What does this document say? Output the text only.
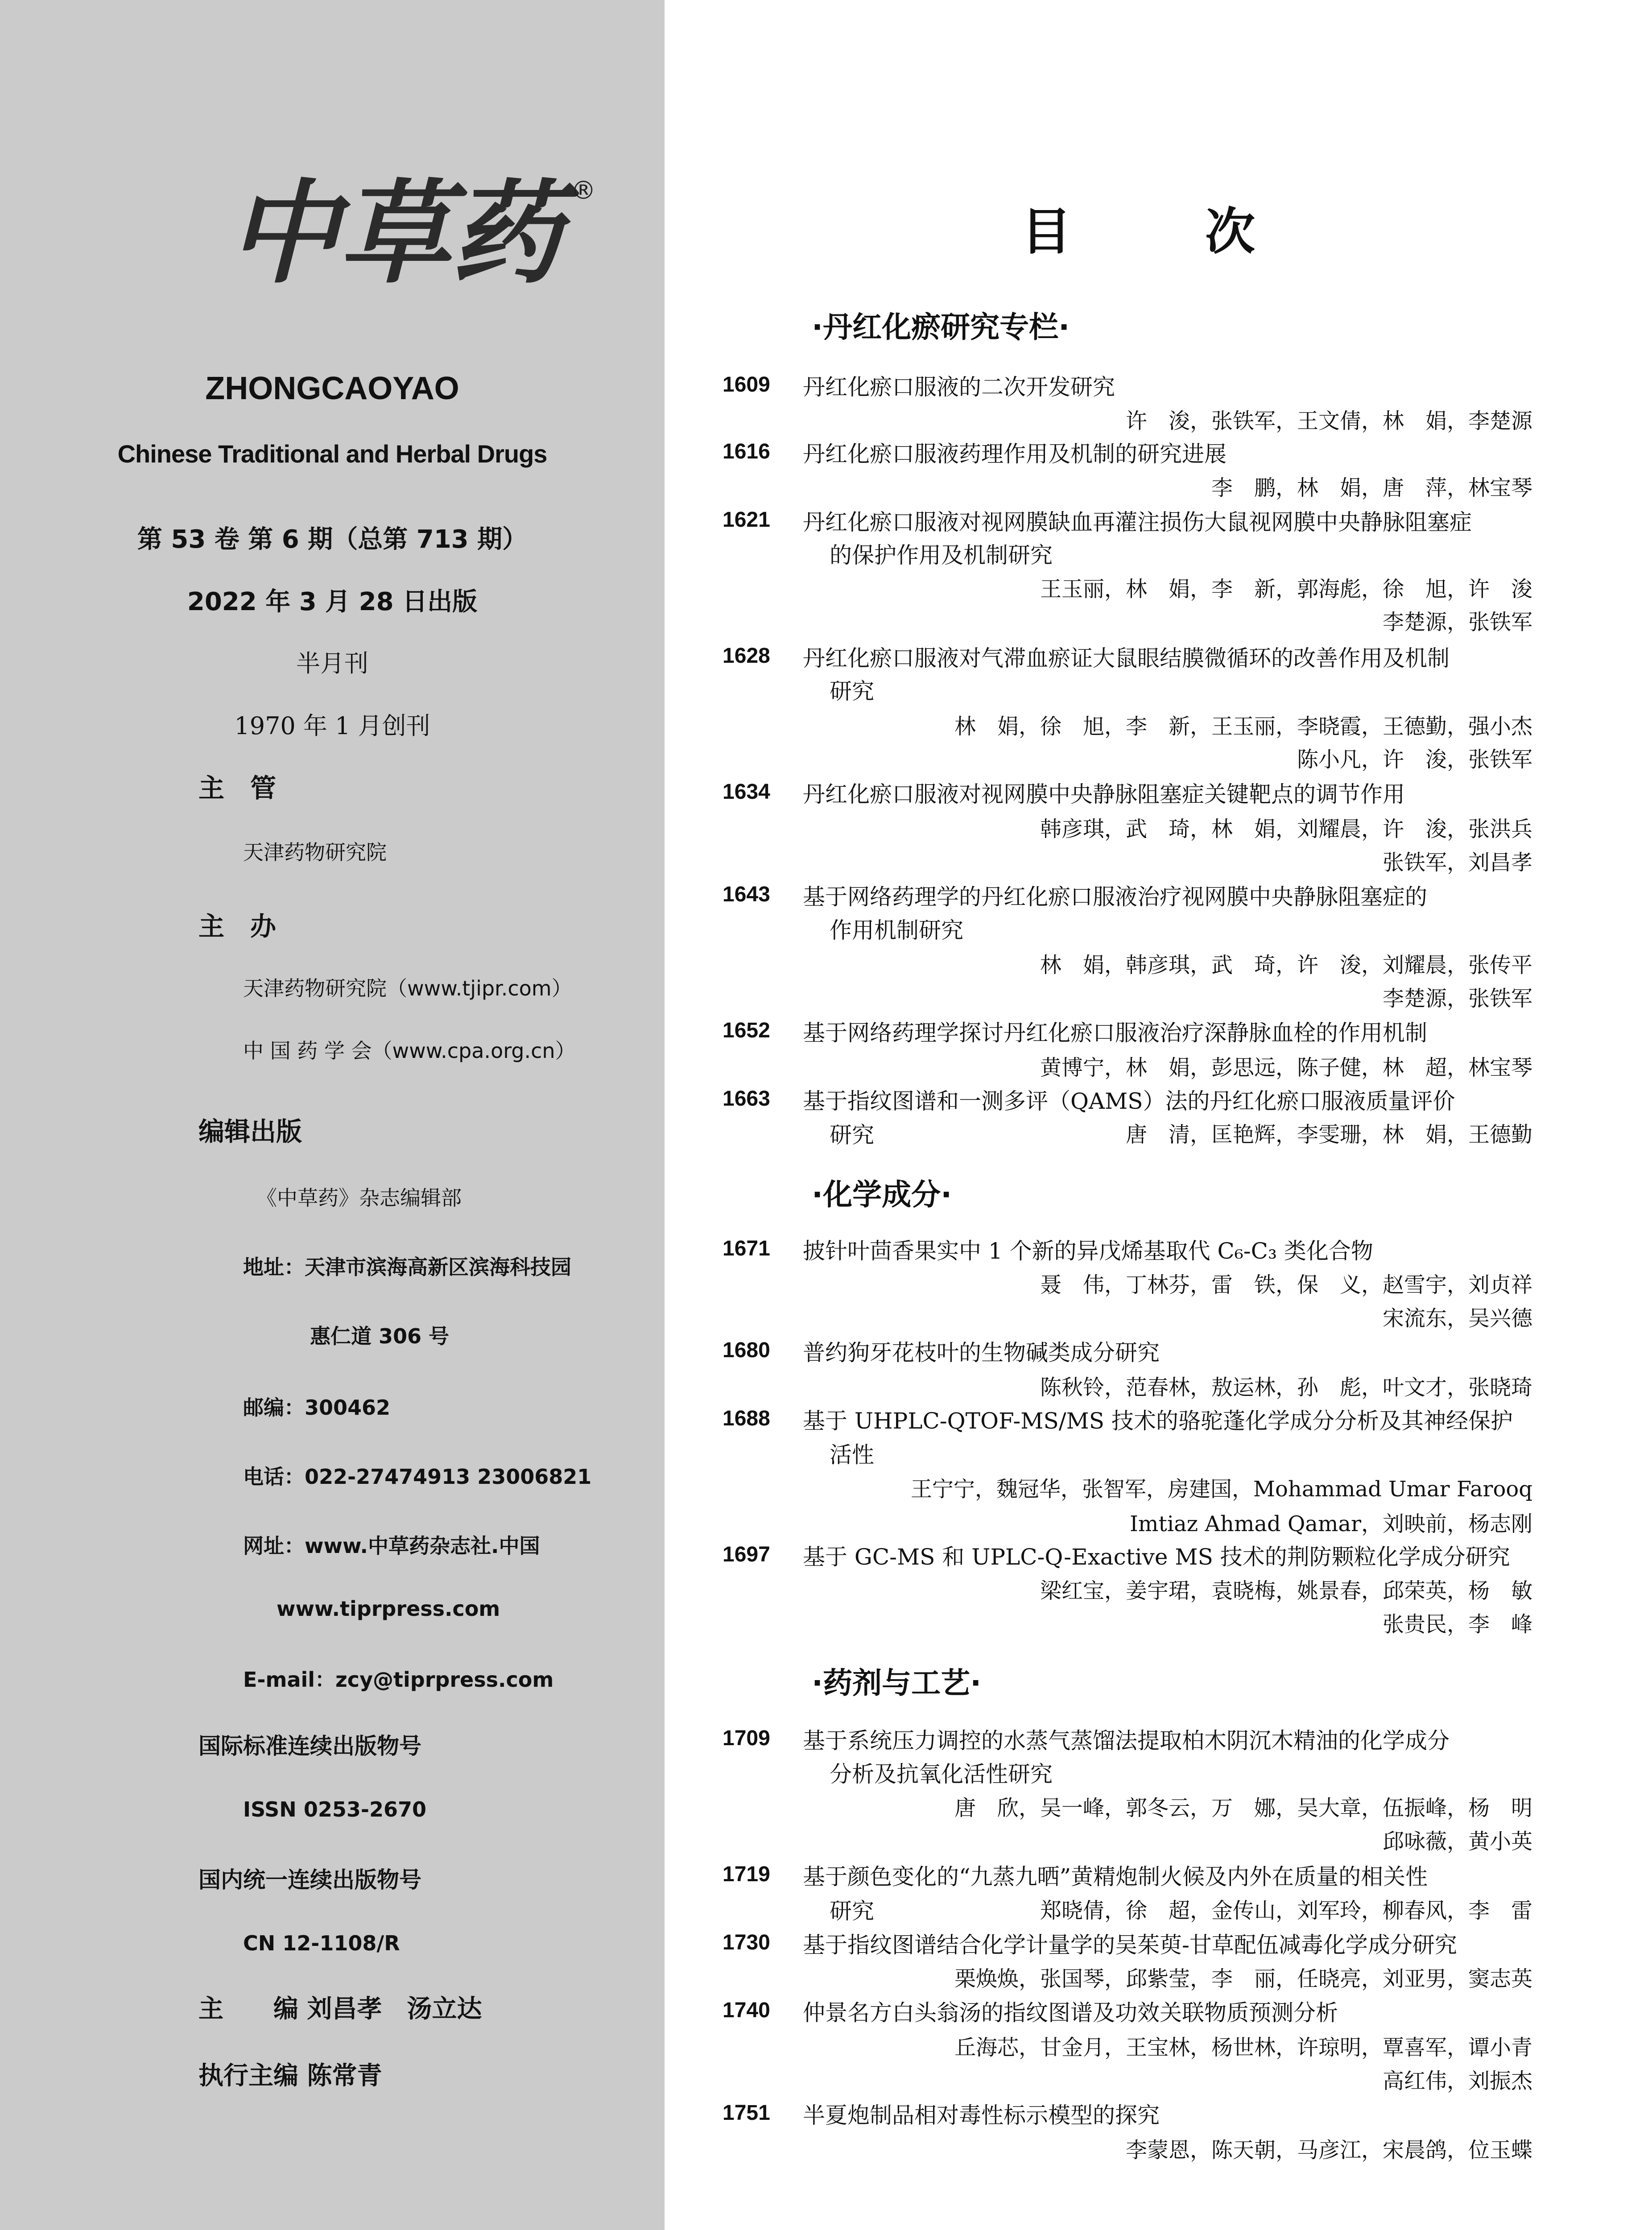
中草药 ®
ZHONGCAOYAO
Chinese Traditional and Herbal Drugs
第 53 卷 第 6 期（总第 713 期）
2022 年 3 月 28 日出版
半月刊
1970 年 1 月创刊
主　管
天津药物研究院
主　办
天津药物研究院（www.tjipr.com）
中 国 药 学 会（www.cpa.org.cn）
编辑出版
《中草药》杂志编辑部
地址：天津市滨海高新区滨海科技园
惠仁道 306 号
邮编：300462
电话：022-27474913 23006821
网址：www.中草药杂志社.中国
www.tiprpress.com
E-mail：zcy@tiprpress.com
国际标准连续出版物号
ISSN 0253-2670
国内统一连续出版物号
CN 12-1108/R
主　　编 刘昌孝　汤立达
执行主编 陈常青
目	次
·丹红化瘀研究专栏·
1609 丹红化瘀口服液的二次开发研究
许　浚，张铁军，王文倩，林　娟，李楚源
1616 丹红化瘀口服液药理作用及机制的研究进展
李　鹏，林　娟，唐　萍，林宝琴
1621 丹红化瘀口服液对视网膜缺血再灌注损伤大鼠视网膜中央静脉阻塞症
的保护作用及机制研究
王玉丽，林　娟，李　新，郭海彪，徐　旭，许　浚
李楚源，张铁军
1628 丹红化瘀口服液对气滞血瘀证大鼠眼结膜微循环的改善作用及机制
研究
林　娟，徐　旭，李　新，王玉丽，李晓霞，王德勤，强小杰
陈小凡，许　浚，张铁军
1634 丹红化瘀口服液对视网膜中央静脉阻塞症关键靶点的调节作用
韩彦琪，武　琦，林　娟，刘耀晨，许　浚，张洪兵
张铁军，刘昌孝
1643 基于网络药理学的丹红化瘀口服液治疗视网膜中央静脉阻塞症的
作用机制研究
林　娟，韩彦琪，武　琦，许　浚，刘耀晨，张传平
李楚源，张铁军
1652 基于网络药理学探讨丹红化瘀口服液治疗深静脉血栓的作用机制
黄博宁，林　娟，彭思远，陈子健，林　超，林宝琴
1663 基于指纹图谱和一测多评（QAMS）法的丹红化瘀口服液质量评价
研究	唐　清，匡艳辉，李雯珊，林　娟，王德勤
·化学成分·
1671 披针叶茴香果实中 1 个新的异戊烯基取代 C₆-C₃ 类化合物
聂　伟，丁林芬，雷　铁，保　义，赵雪宇，刘贞祥
宋流东，吴兴德
1680 普约狗牙花枝叶的生物碱类成分研究
陈秋铃，范春林，敖运林，孙　彪，叶文才，张晓琦
1688 基于 UHPLC-QTOF-MS/MS 技术的骆驼蓬化学成分分析及其神经保护
活性
王宁宁，魏冠华，张智军，房建国，Mohammad Umar Farooq
Imtiaz Ahmad Qamar，刘映前，杨志刚
1697 基于 GC-MS 和 UPLC-Q-Exactive MS 技术的荆防颗粒化学成分研究
梁红宝，姜宇珺，袁晓梅，姚景春，邱荣英，杨　敏
张贵民，李　峰
·药剂与工艺·
1709 基于系统压力调控的水蒸气蒸馏法提取柏木阴沉木精油的化学成分
分析及抗氧化活性研究
唐　欣，吴一峰，郭冬云，万　娜，吴大章，伍振峰，杨　明
邱咏薇，黄小英
1719 基于颜色变化的“九蒸九晒”黄精炮制火候及内外在质量的相关性
研究	郑晓倩，徐　超，金传山，刘军玲，柳春风，李　雷
1730 基于指纹图谱结合化学计量学的吴茱萸-甘草配伍减毒化学成分研究
栗焕焕，张国琴，邱紫莹，李　丽，任晓亮，刘亚男，窦志英
1740 仲景名方白头翁汤的指纹图谱及功效关联物质预测分析
丘海芯，甘金月，王宝林，杨世林，许琼明，覃喜军，谭小青
高红伟，刘振杰
1751 半夏炮制品相对毒性标示模型的探究
李蒙恩，陈天朝，马彦江，宋晨鸽，位玉蝶
